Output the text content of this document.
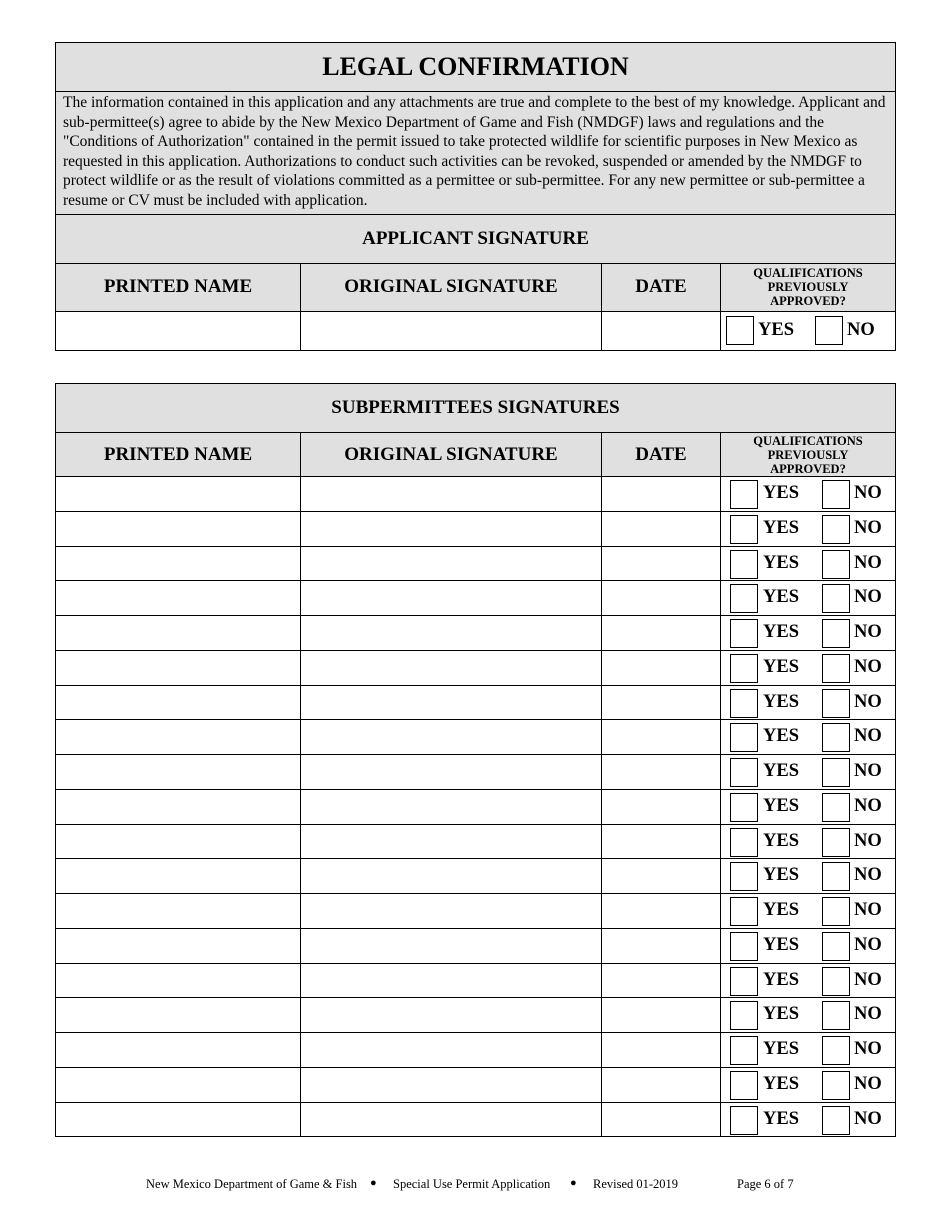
LEGAL CONFIRMATION			
The information contained in this application and any attachments are true and complete to the best of my knowledge. Applicant and sub-permittee(s) agree to abide by the New Mexico Department of Game and Fish (NMDGF) laws and regulations and the "Conditions of Authorization" contained in the permit issued to take protected wildlife for scientific purposes in New Mexico as requested in this application. Authorizations to conduct such activities can be revoked, suspended or amended by the NMDGF to protect wildlife or as the result of violations committed as a permittee or sub-permittee. For any new permittee or sub-permittee a resume or CV must be included with application.			
APPLICANT SIGNATURE			
PRINTED NAME	ORIGINAL SIGNATURE	DATE	QUALIFICATIONS
PREVIOUSLY
APPROVED?

			YES NO
SUBPERMITTEES SIGNATURES			
PRINTED NAME	ORIGINAL SIGNATURE	DATE	QUALIFICATIONS
PREVIOUSLY
APPROVED?

			YES NO

			YES NO

			YES NO

			YES NO

			YES NO

			YES NO

			YES NO

			YES NO

			YES NO

			YES NO

			YES NO

			YES NO

			YES NO

			YES NO

			YES NO

			YES NO

			YES NO

			YES NO

			YES NO
New Mexico Department of Game & Fish ● Special Use Permit Application ● Revised 01-2019	Page 6 of 7
